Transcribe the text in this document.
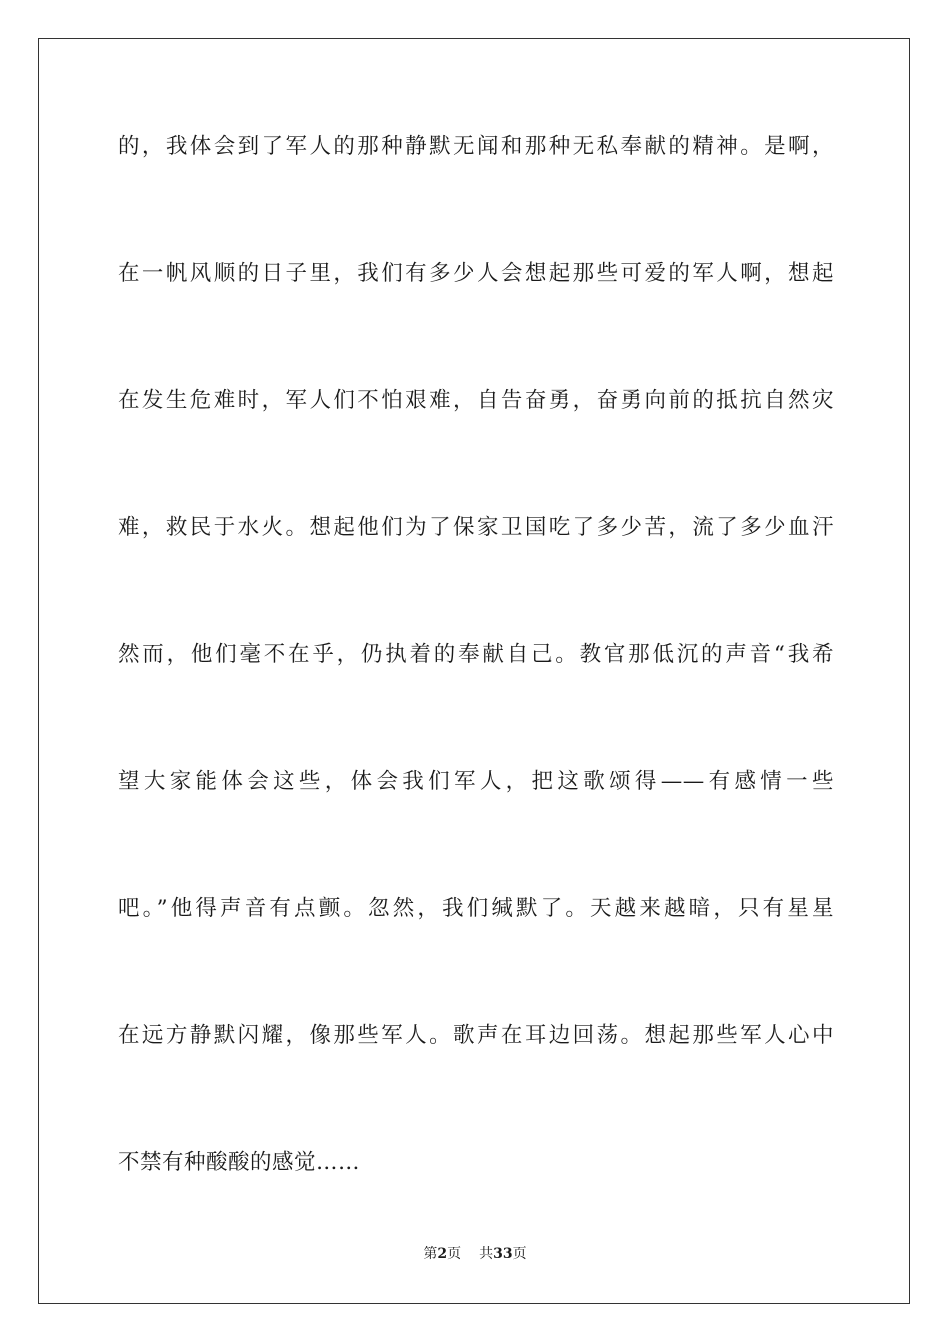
的，我体会到了军人的那种静默无闻和那种无私奉献的精神。是啊，

在一帆风顺的日子里，我们有多少人会想起那些可爱的军人啊，想起

在发生危难时，军人们不怕艰难，自告奋勇，奋勇向前的抵抗自然灾

难，救民于水火。想起他们为了保家卫国吃了多少苦，流了多少血汗

然而，他们毫不在乎，仍执着的奉献自己。教官那低沉的声音“我希

望大家能体会这些，体会我们军人，把这歌颂得——有感情一些

吧。”他得声音有点颤。忽然，我们缄默了。天越来越暗，只有星星

在远方静默闪耀，像那些军人。歌声在耳边回荡。想起那些军人心中

不禁有种酸酸的感觉……

第2页 共33页
